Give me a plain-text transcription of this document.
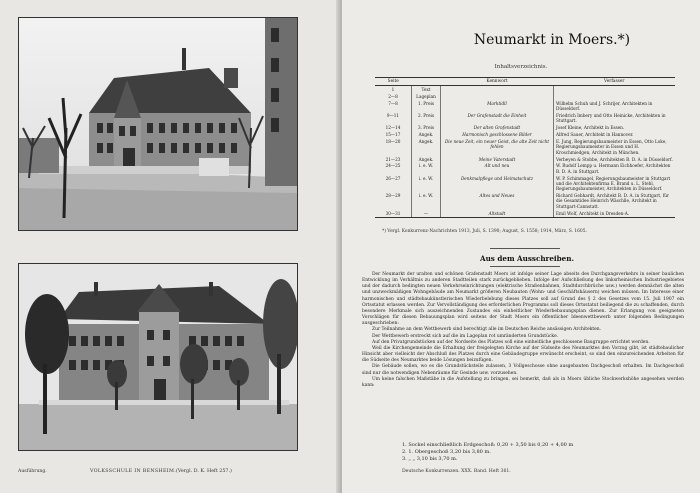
Ausführung.	VOLKSSCHULE IN BENSHEIM. (Vergl. D. K. Heft 257.)
Neumarkt in Moers.*)
Inhaltsverzeichnis.
Seite		Kennwort	Verfasser
1	Text		
2—8	Lageplan		
7—8	1. Preis	Marktidll	Wilhelm Schuh und J. Schrijer, Architekten in Düsseldorf.
9—11	2. Preis	Der Grafenstadt die Einheit	Friedrich Imbery und Otto Heinicke, Architekten in Stuttgart.
12—14	3. Preis	Der alten Grafenstadt	Josef Kleine, Architekt in Essen.
15—17	Angek.	Harmonisch geschlossene Bilder	Alfred Sauer, Architekt in Hannover.
18—20	Angek.	Die neue Zeit, ein neuer Geist, die alte Zeit nicht fehlen	E. Jung, Regierungsbaumeister in Essen, Otto Loke, Regierungsbaumeister in Essen und H. Kroschmiedgen, Architekt in München.
21—23	Angek.	Meine Vaterstadt	Verbeyen & Stobbe, Architekten B. D. A. in Düsseldorf.
24—25	i. e. W.	Alt und neu	W. Rudolf Lempp u. Hermann Eichhoefer, Architekten B. D. A. in Stuttgart.
26—27	i. e. W.	Denkmalpflege und Heimatschutz	W. P. Schimmagel, Regierungsbaumeister in Stuttgart und die Architektenfirma E. Brand u. L. Stehl, Regierungsbaumeister, Architekten in Düsseldorf.
28—29	i. e. W.	Altes und Neues	Richard Gebhardt, Architekt B. D. A. in Stuttgart, für die Gesamtidee Heinrich Wäschlle, Architekt in Stuttgart-Cannstatt.
30—31	—	Altstadt	Emil Wolf, Architekt in Dresden-A.
*) Vergl. Konkurrenz-Nachrichten 1913, Juli, S. 1390; August, S. 1558; 1914, März, S. 1605.
Aus dem Ausschreiben.

Der Neumarkt der uralten und schönen Grafenstadt Moers ist infolge seiner Lage abseits des Durchgangsverkehrs in seiner baulichen Entwicklung im Verhältnis zu anderen Stadtteilen stark zurückgeblieben. Infolge der Aufschließung des linksrheinischen Industriegebietes und der dadurch bedingten neuen Verkehrseinrichtungen (elektrische Straßenbahnen, Stadtdurchbrüche usw.) werden demnächst die alten und unzweckmäßigen Wohngebäude am Neumarkt größeren Neubauten (Wohn- und Geschäftshäusern) weichen müssen. Im Interesse einer harmonischen und städtebaukünstlerischen Wiederbelebung dieses Platzes soll auf Grund des § 2 des Gesetzes vom 15. Juli 1907 ein Ortsstatut erlassen werden. Zur Vervollständigung des erforderlichen Programms soll dieses Ortsstatut beiliegend die zu schaffenden, durch besondere Merkmale sich auszeichnenden Zustandes ein einheitlicher Wiederbebauungsplan dienen. Zur Erlangung von geeigneten Vorschlägen für diesen Bebauungsplan wird seitens der Stadt Moers ein öffentlicher Ideenwettbewerb unter folgenden Bedingungen ausgeschrieben:

Zur Teilnahme an dem Wettbewerb sind berechtigt alle im Deutschen Reiche ansässigen Architekten.

Der Wettbewerb erstreckt sich auf die im Lageplan rot umränderten Grundstücke.

Auf den Privatgrundstücken auf der Nordseite des Platzes soll eine einheitliche geschlossene Baugruppe errichtet werden.

Weil die Kirchengemeinde die Erhaltung der freigelegten Kirche auf der Südseite des Neumarktes den Vorzug gibt, ist städtebaulicher Hinsicht aber vielleicht der Abschluß des Platzes durch eine Gebäudegruppe erwünscht erscheint, so sind den einzureichenden Arbeiten für die Südseite des Neumarktes beide Lösungen beizufügen.

Die Gebäude sollen, wo es die Grundstücksteile zulassen, 3 Vollgeschosse ohne ausgebauten Dachgeschoß erhalten. Im Dachgeschoß sind nur die notwendigen Nebenräume für Gesinde usw. vorzusehen.

Um keine falschen Maßstäbe in die Aufstellung zu bringen, sei bemerkt, daß als in Moers übliche Stockwerkshöhe angesehen werden kann:

1. Sockel einschließlich Erdgeschoß: 0,20 + 3,50 bis 0,20 + 4,00 m
2. 1. Obergeschoß 3,20 bis 3,80 m.
3. „ „ 3,10 bis 3,70 m.
Deutsche Konkurrenzen. XXX. Band. Heft 361.
